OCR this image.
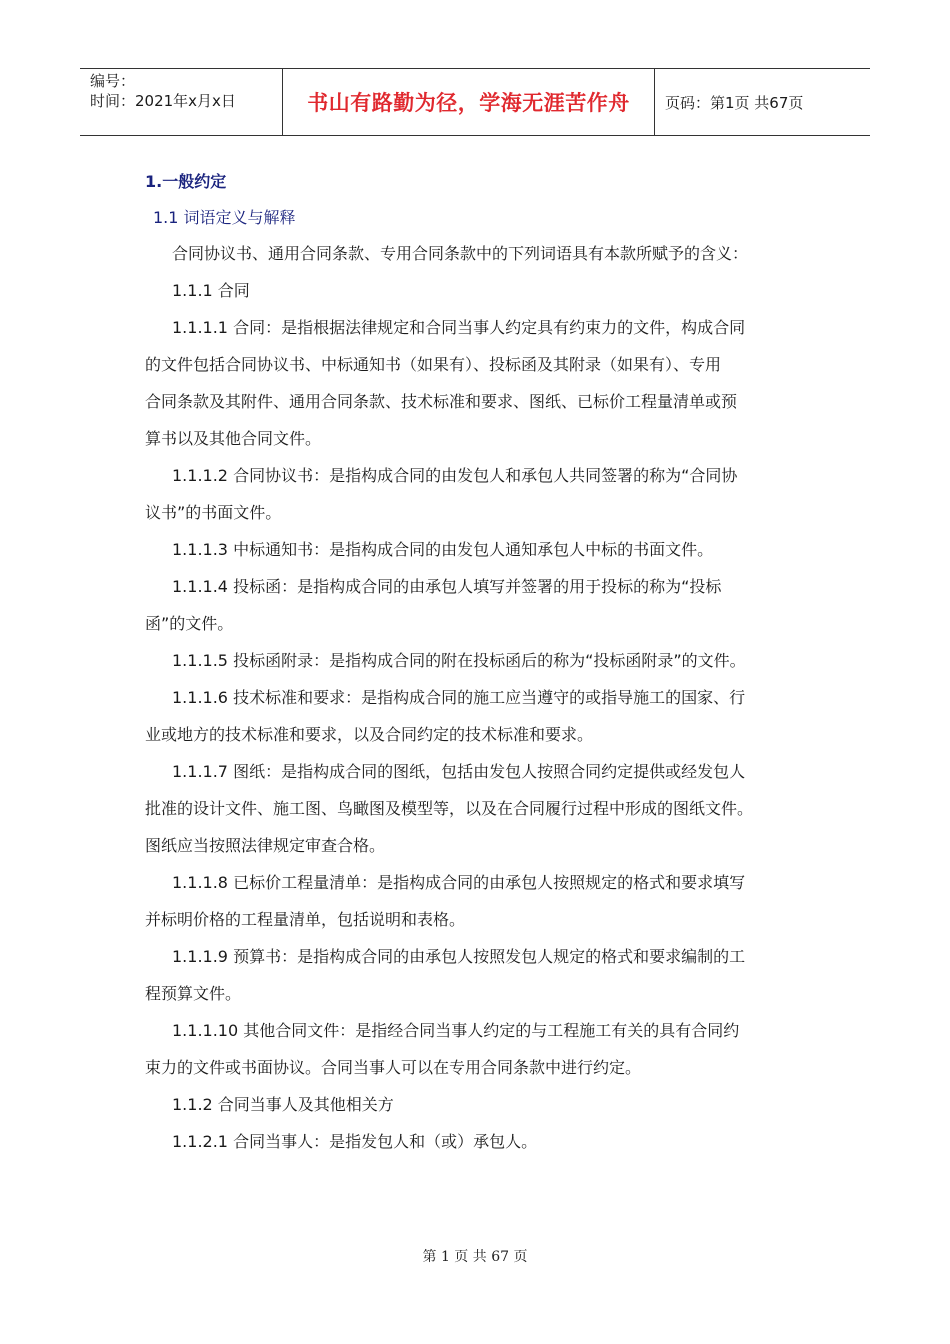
编号：
时间：2021年x月x日	书山有路勤为径，学海无涯苦作舟	页码：第1页 共67页
1.一般约定
1.1 词语定义与解释
合同协议书、通用合同条款、专用合同条款中的下列词语具有本款所赋予的含义：
1.1.1 合同
1.1.1.1 合同：是指根据法律规定和合同当事人约定具有约束力的文件，构成合同
的文件包括合同协议书、中标通知书（如果有）、投标函及其附录（如果有）、专用
合同条款及其附件、通用合同条款、技术标准和要求、图纸、已标价工程量清单或预
算书以及其他合同文件。
1.1.1.2 合同协议书：是指构成合同的由发包人和承包人共同签署的称为“合同协
议书”的书面文件。
1.1.1.3 中标通知书：是指构成合同的由发包人通知承包人中标的书面文件。
1.1.1.4 投标函：是指构成合同的由承包人填写并签署的用于投标的称为“投标
函”的文件。
1.1.1.5 投标函附录：是指构成合同的附在投标函后的称为“投标函附录”的文件。
1.1.1.6 技术标准和要求：是指构成合同的施工应当遵守的或指导施工的国家、行
业或地方的技术标准和要求，以及合同约定的技术标准和要求。
1.1.1.7 图纸：是指构成合同的图纸，包括由发包人按照合同约定提供或经发包人
批准的设计文件、施工图、鸟瞰图及模型等，以及在合同履行过程中形成的图纸文件。
图纸应当按照法律规定审查合格。
1.1.1.8 已标价工程量清单：是指构成合同的由承包人按照规定的格式和要求填写
并标明价格的工程量清单，包括说明和表格。
1.1.1.9 预算书：是指构成合同的由承包人按照发包人规定的格式和要求编制的工
程预算文件。
1.1.1.10 其他合同文件：是指经合同当事人约定的与工程施工有关的具有合同约
束力的文件或书面协议。合同当事人可以在专用合同条款中进行约定。
1.1.2 合同当事人及其他相关方
1.1.2.1 合同当事人：是指发包人和（或）承包人。
第 1 页 共 67 页
